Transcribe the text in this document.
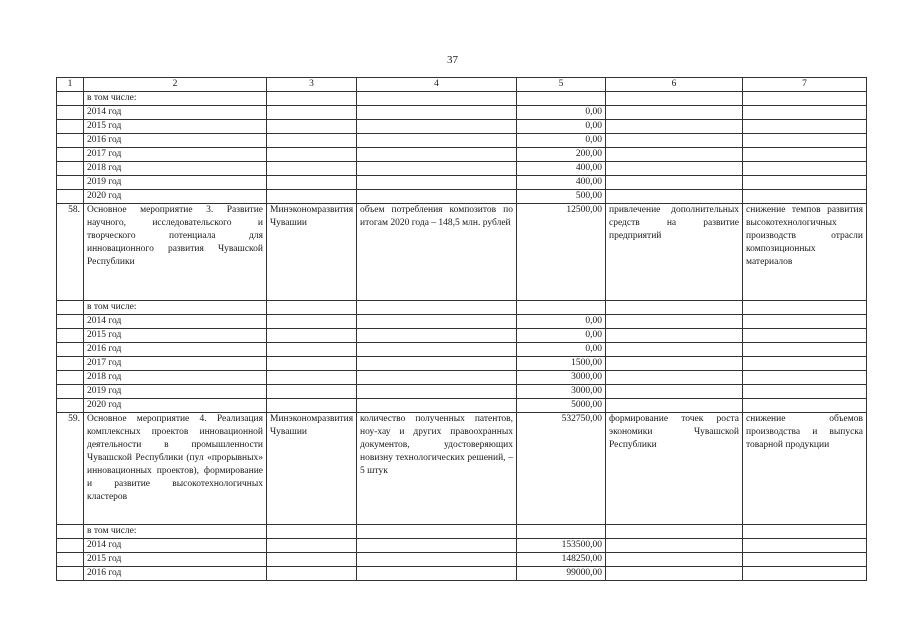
37
1	2	3	4	5	6	7
	в том числе:					
	2014 год			0,00		
	2015 год			0,00		
	2016 год			0,00		
	2017 год			200,00		
	2018 год			400,00		
	2019 год			400,00		
	2020 год			500,00		
58.	Основное мероприятие 3. Развитие научного, исследовательского и творческого потенциала для инновационного развития Чувашской Республики	Минэкономразвития Чувашии	объем потребления композитов по итогам 2020 года – 148,5 млн. рублей	12500,00	привлечение дополнительных средств на развитие предприятий	снижение темпов развития высокотехнологичных производств отрасли композиционных материалов
	в том числе:					
	2014 год			0,00		
	2015 год			0,00		
	2016 год			0,00		
	2017 год			1500,00		
	2018 год			3000,00		
	2019 год			3000,00		
	2020 год			5000,00		
59.	Основное мероприятие 4. Реализация комплексных проектов инновационной деятельности в промышленности Чувашской Республики (пул «прорывных» инновационных проектов), формирование и развитие высокотехнологичных кластеров	Минэкономразвития Чувашии	количество полученных патентов, ноу-хау и других правоохранных документов, удостоверяющих новизну технологических решений, – 5 штук	532750,00	формирование точек роста экономики Чувашской Республики	снижение объемов производства и выпуска товарной продукции
	в том числе:					
	2014 год			153500,00		
	2015 год			148250,00		
	2016 год			99000,00		
